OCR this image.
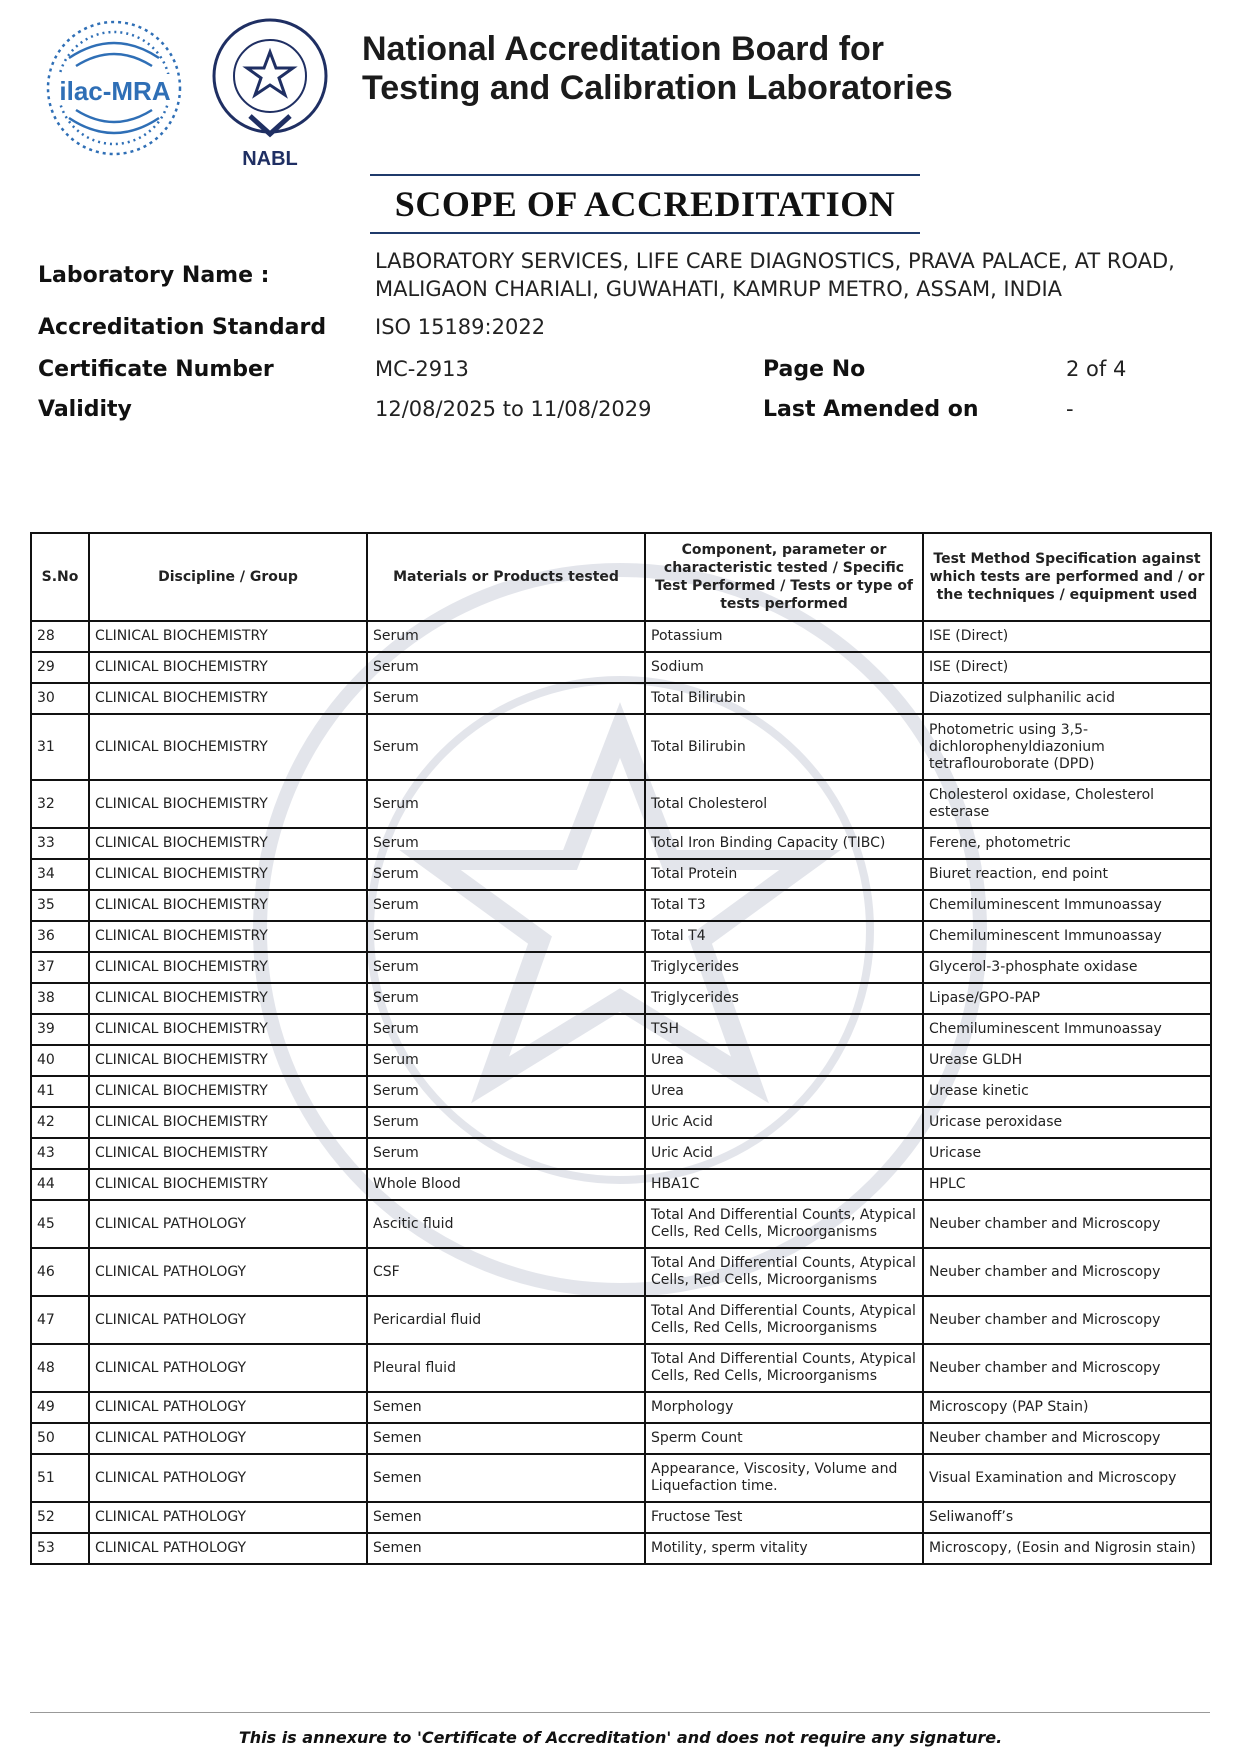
ilac-MRA
NABL
National Accreditation Board for
Testing and Calibration Laboratories
SCOPE OF ACCREDITATION
Laboratory Name :
LABORATORY SERVICES, LIFE CARE DIAGNOSTICS, PRAVA PALACE, AT ROAD,
MALIGAON CHARIALI, GUWAHATI, KAMRUP METRO, ASSAM, INDIA
Accreditation Standard ISO 15189:2022
Certificate Number	MC-2913	Page No	2 of 4
Validity	12/08/2025 to 11/08/2029	Last Amended on	-
S.No	Discipline / Group	Materials or Products tested	Component, parameter or characteristic tested / Specific Test Performed / Tests or type of tests performed	Test Method Specification against which tests are performed and / or the techniques / equipment used
28	CLINICAL BIOCHEMISTRY	Serum	Potassium	ISE (Direct)
29	CLINICAL BIOCHEMISTRY	Serum	Sodium	ISE (Direct)
30	CLINICAL BIOCHEMISTRY	Serum	Total Bilirubin	Diazotized sulphanilic acid
31	CLINICAL BIOCHEMISTRY	Serum	Total Bilirubin	Photometric using 3,5-dichlorophenyldiazonium tetraflouroborate (DPD)
32	CLINICAL BIOCHEMISTRY	Serum	Total Cholesterol	Cholesterol oxidase, Cholesterol esterase
33	CLINICAL BIOCHEMISTRY	Serum	Total Iron Binding Capacity (TIBC)	Ferene, photometric
34	CLINICAL BIOCHEMISTRY	Serum	Total Protein	Biuret reaction, end point
35	CLINICAL BIOCHEMISTRY	Serum	Total T3	Chemiluminescent Immunoassay
36	CLINICAL BIOCHEMISTRY	Serum	Total T4	Chemiluminescent Immunoassay
37	CLINICAL BIOCHEMISTRY	Serum	Triglycerides	Glycerol-3-phosphate oxidase
38	CLINICAL BIOCHEMISTRY	Serum	Triglycerides	Lipase/GPO-PAP
39	CLINICAL BIOCHEMISTRY	Serum	TSH	Chemiluminescent Immunoassay
40	CLINICAL BIOCHEMISTRY	Serum	Urea	Urease GLDH
41	CLINICAL BIOCHEMISTRY	Serum	Urea	Urease kinetic
42	CLINICAL BIOCHEMISTRY	Serum	Uric Acid	Uricase peroxidase
43	CLINICAL BIOCHEMISTRY	Serum	Uric Acid	Uricase
44	CLINICAL BIOCHEMISTRY	Whole Blood	HBA1C	HPLC
45	CLINICAL PATHOLOGY	Ascitic fluid	Total And Differential Counts, Atypical Cells, Red Cells, Microorganisms	Neuber chamber and Microscopy
46	CLINICAL PATHOLOGY	CSF	Total And Differential Counts, Atypical Cells, Red Cells, Microorganisms	Neuber chamber and Microscopy
47	CLINICAL PATHOLOGY	Pericardial fluid	Total And Differential Counts, Atypical Cells, Red Cells, Microorganisms	Neuber chamber and Microscopy
48	CLINICAL PATHOLOGY	Pleural fluid	Total And Differential Counts, Atypical Cells, Red Cells, Microorganisms	Neuber chamber and Microscopy
49	CLINICAL PATHOLOGY	Semen	Morphology	Microscopy (PAP Stain)
50	CLINICAL PATHOLOGY	Semen	Sperm Count	Neuber chamber and Microscopy
51	CLINICAL PATHOLOGY	Semen	Appearance, Viscosity, Volume and Liquefaction time.	Visual Examination and Microscopy
52	CLINICAL PATHOLOGY	Semen	Fructose Test	Seliwanoff’s
53	CLINICAL PATHOLOGY	Semen	Motility, sperm vitality	Microscopy, (Eosin and Nigrosin stain)
This is annexure to 'Certificate of Accreditation' and does not require any signature.
